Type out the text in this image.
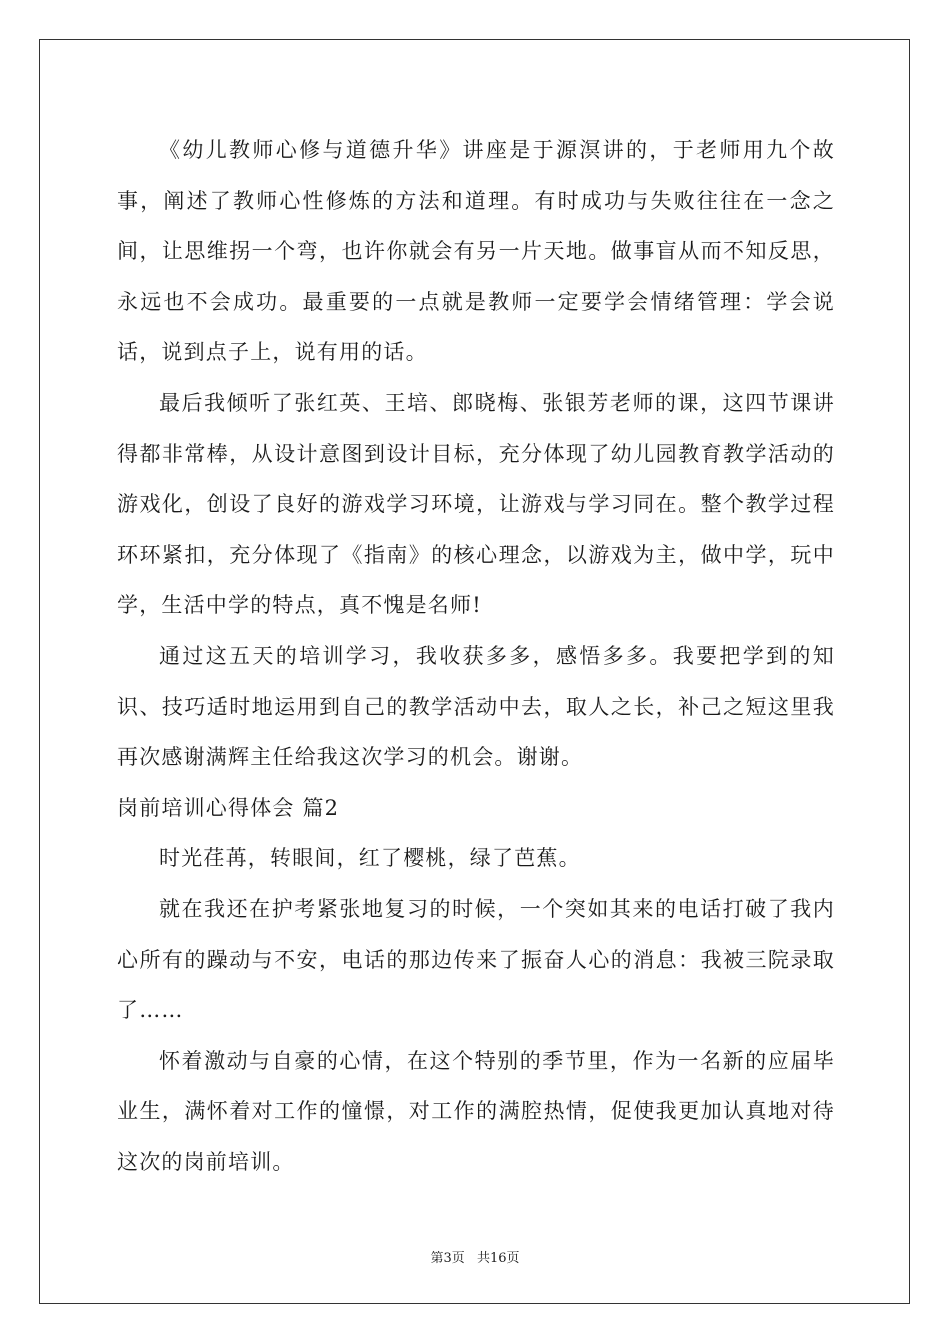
《幼儿教师心修与道德升华》讲座是于源溟讲的，于老师用九个故事，阐述了教师心性修炼的方法和道理。有时成功与失败往往在一念之间，让思维拐一个弯，也许你就会有另一片天地。做事盲从而不知反思，永远也不会成功。最重要的一点就是教师一定要学会情绪管理：学会说话，说到点子上，说有用的话。

最后我倾听了张红英、王培、郎晓梅、张银芳老师的课，这四节课讲得都非常棒，从设计意图到设计目标，充分体现了幼儿园教育教学活动的游戏化，创设了良好的游戏学习环境，让游戏与学习同在。整个教学过程环环紧扣，充分体现了《指南》的核心理念，以游戏为主，做中学，玩中学，生活中学的特点，真不愧是名师!

通过这五天的培训学习，我收获多多，感悟多多。我要把学到的知识、技巧适时地运用到自己的教学活动中去，取人之长，补己之短这里我再次感谢满辉主任给我这次学习的机会。谢谢。

岗前培训心得体会 篇2

时光荏苒，转眼间，红了樱桃，绿了芭蕉。

就在我还在护考紧张地复习的时候，一个突如其来的电话打破了我内心所有的躁动与不安，电话的那边传来了振奋人心的消息：我被三院录取了……

怀着激动与自豪的心情，在这个特别的季节里，作为一名新的应届毕业生，满怀着对工作的憧憬，对工作的满腔热情，促使我更加认真地对待这次的岗前培训。

第3页 共16页
